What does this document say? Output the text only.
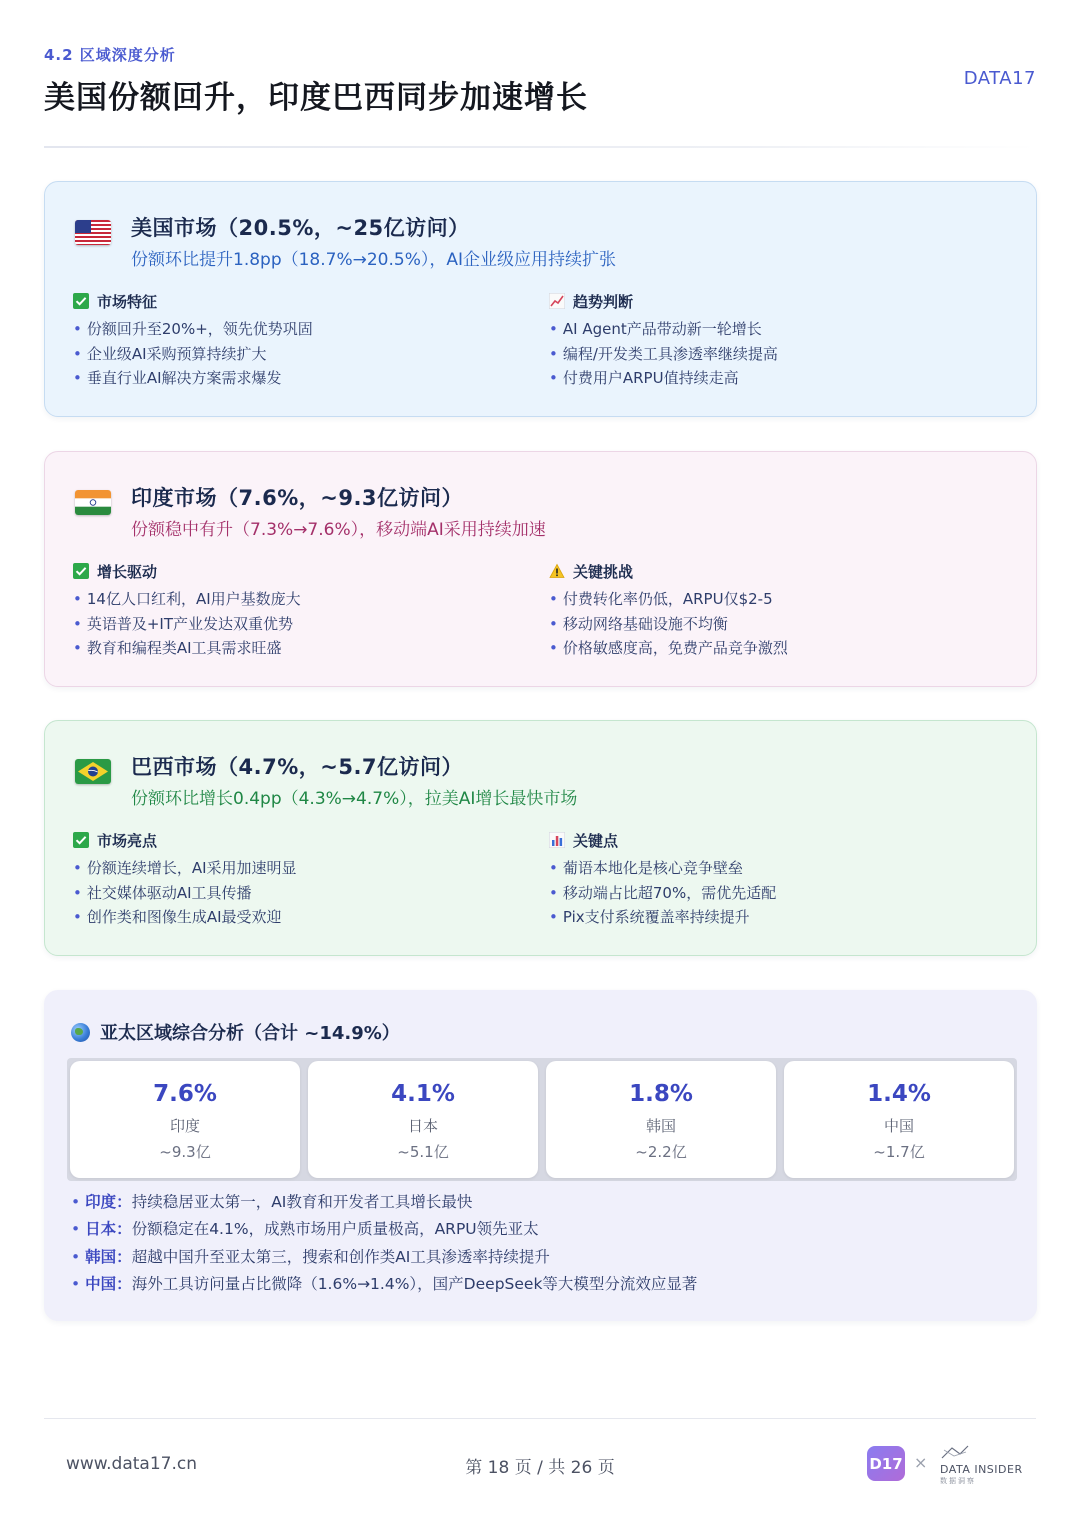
4.2 区域深度分析
美国份额回升，印度巴西同步加速增长
DATA17
美国市场（20.5%，~25亿访问）
份额环比提升1.8pp（18.7%→20.5%），AI企业级应用持续扩张
市场特征
• 份额回升至20%+，领先优势巩固
• 企业级AI采购预算持续扩大
• 垂直行业AI解决方案需求爆发
趋势判断
• AI Agent产品带动新一轮增长
• 编程/开发类工具渗透率继续提高
• 付费用户ARPU值持续走高
印度市场（7.6%，~9.3亿访问）
份额稳中有升（7.3%→7.6%），移动端AI采用持续加速
增长驱动
• 14亿人口红利，AI用户基数庞大
• 英语普及+IT产业发达双重优势
• 教育和编程类AI工具需求旺盛
关键挑战
• 付费转化率仍低，ARPU仅$2-5
• 移动网络基础设施不均衡
• 价格敏感度高，免费产品竞争激烈
巴西市场（4.7%，~5.7亿访问）
份额环比增长0.4pp（4.3%→4.7%），拉美AI增长最快市场
市场亮点
• 份额连续增长，AI采用加速明显
• 社交媒体驱动AI工具传播
• 创作类和图像生成AI最受欢迎
关键点
• 葡语本地化是核心竞争壁垒
• 移动端占比超70%，需优先适配
• Pix支付系统覆盖率持续提升
亚太区域综合分析（合计 ~14.9%）
7.6%
印度
~9.3亿
4.1%
日本
~5.1亿
1.8%
韩国
~2.2亿
1.4%
中国
~1.7亿
• 印度：持续稳居亚太第一，AI教育和开发者工具增长最快
• 日本：份额稳定在4.1%，成熟市场用户质量极高，ARPU领先亚太
• 韩国：超越中国升至亚太第三，搜索和创作类AI工具渗透率持续提升
• 中国：海外工具访问量占比微降（1.6%→1.4%），国产DeepSeek等大模型分流效应显著
www.data17.cn	第 18 页 / 共 26 页	D17 × DATA INSIDER
数据洞察
